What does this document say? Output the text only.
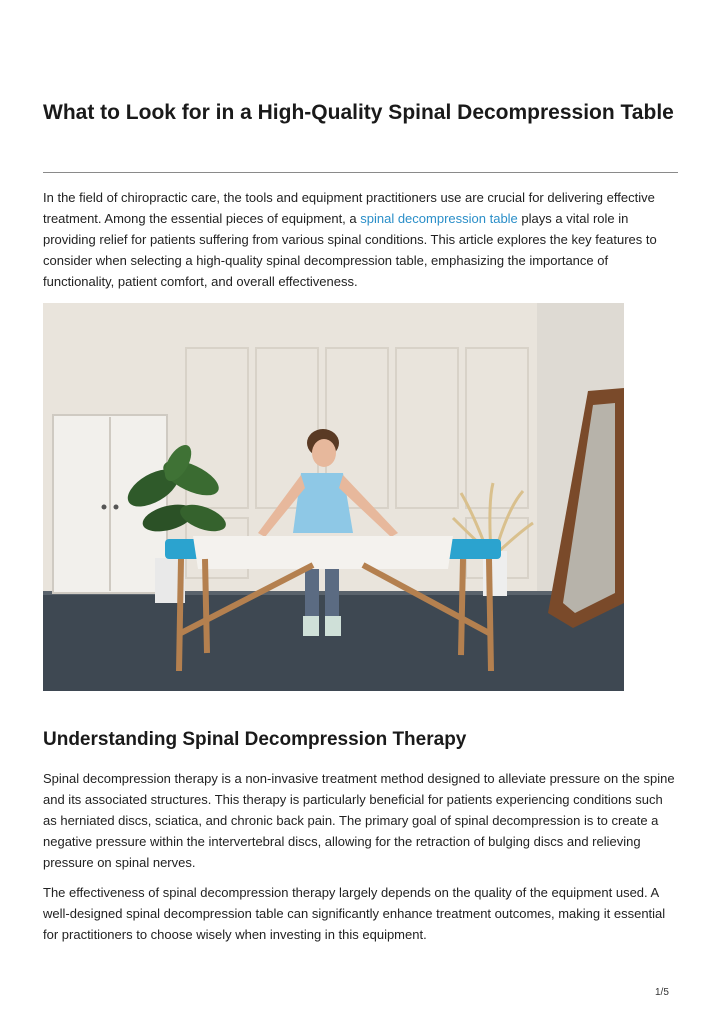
What to Look for in a High-Quality Spinal Decompression Table

In the field of chiropractic care, the tools and equipment practitioners use are crucial for delivering effective treatment. Among the essential pieces of equipment, a spinal decompression table plays a vital role in providing relief for patients suffering from various spinal conditions. This article explores the key features to consider when selecting a high-quality spinal decompression table, emphasizing the importance of functionality, patient comfort, and overall effectiveness.

Understanding Spinal Decompression Therapy

Spinal decompression therapy is a non-invasive treatment method designed to alleviate pressure on the spine and its associated structures. This therapy is particularly beneficial for patients experiencing conditions such as herniated discs, sciatica, and chronic back pain. The primary goal of spinal decompression is to create a negative pressure within the intervertebral discs, allowing for the retraction of bulging discs and relieving pressure on spinal nerves.

The effectiveness of spinal decompression therapy largely depends on the quality of the equipment used. A well-designed spinal decompression table can significantly enhance treatment outcomes, making it essential for practitioners to choose wisely when investing in this equipment.

1/5
